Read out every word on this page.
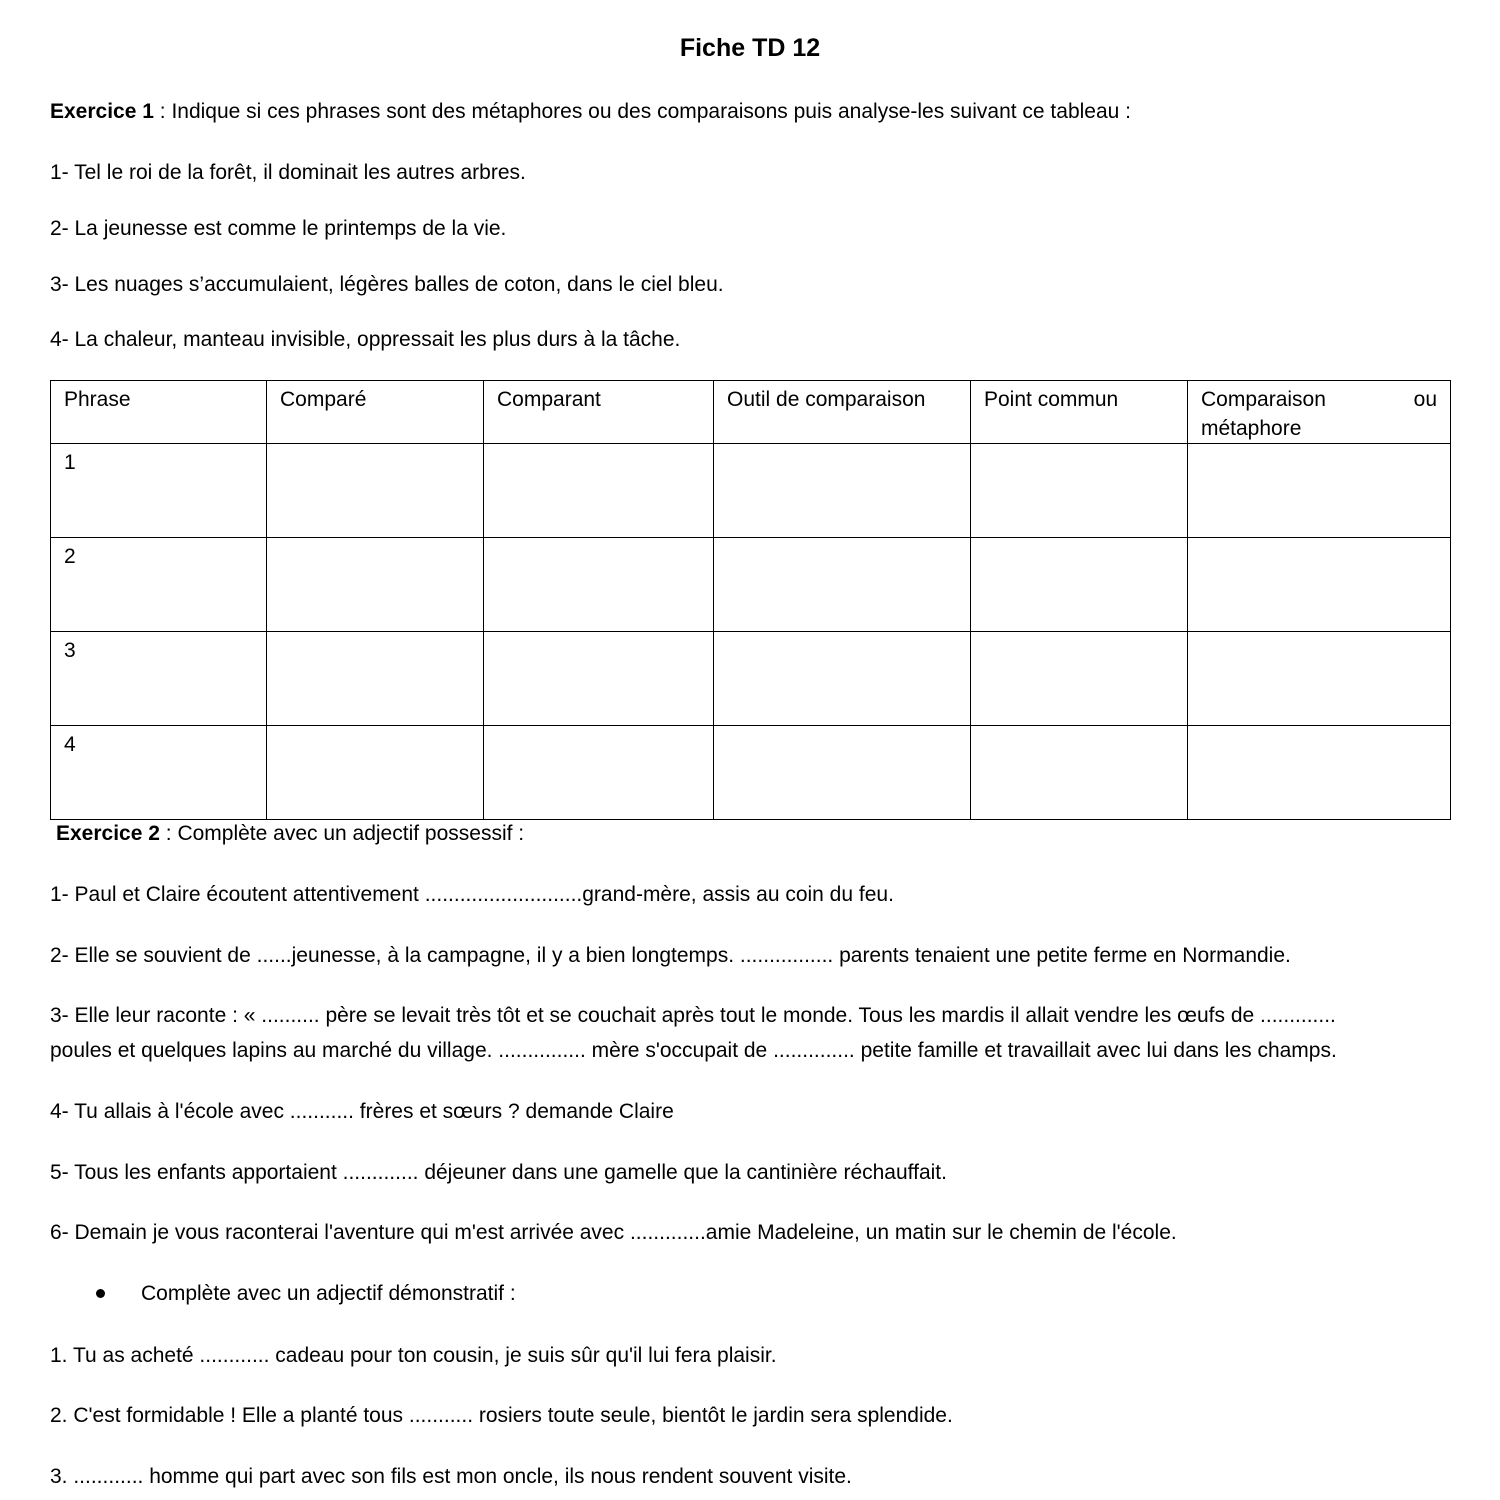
Fiche TD 12
Exercice 1 : Indique si ces phrases sont des métaphores ou des comparaisons puis analyse-les suivant ce tableau :
1- Tel le roi de la forêt, il dominait les autres arbres.
2- La jeunesse est comme le printemps de la vie.
3- Les nuages s’accumulaient, légères balles de coton, dans le ciel bleu.
4- La chaleur, manteau invisible, oppressait les plus durs à la tâche.
Phrase	Comparé	Comparant	Outil de comparaison	Point commun	Comparaison ou
métaphore

1					
2					
3					
4					
Exercice 2 : Complète avec un adjectif possessif :
1- Paul et Claire écoutent attentivement ...........................grand-mère, assis au coin du feu.
2- Elle se souvient de ......jeunesse, à la campagne, il y a bien longtemps. ................ parents tenaient une petite ferme en Normandie.
3- Elle leur raconte : « .......... père se levait très tôt et se couchait après tout le monde. Tous les mardis il allait vendre les œufs de .............
poules et quelques lapins au marché du village. ............... mère s'occupait de .............. petite famille et travaillait avec lui dans les champs.
4- Tu allais à l'école avec ........... frères et sœurs ? demande Claire
5- Tous les enfants apportaient ............. déjeuner dans une gamelle que la cantinière réchauffait.
6- Demain je vous raconterai l'aventure qui m'est arrivée avec .............amie Madeleine, un matin sur le chemin de l'école.
Complète avec un adjectif démonstratif :
1. Tu as acheté ............ cadeau pour ton cousin, je suis sûr qu'il lui fera plaisir.
2. C'est formidable ! Elle a planté tous ........... rosiers toute seule, bientôt le jardin sera splendide.
3. ............ homme qui part avec son fils est mon oncle, ils nous rendent souvent visite.
